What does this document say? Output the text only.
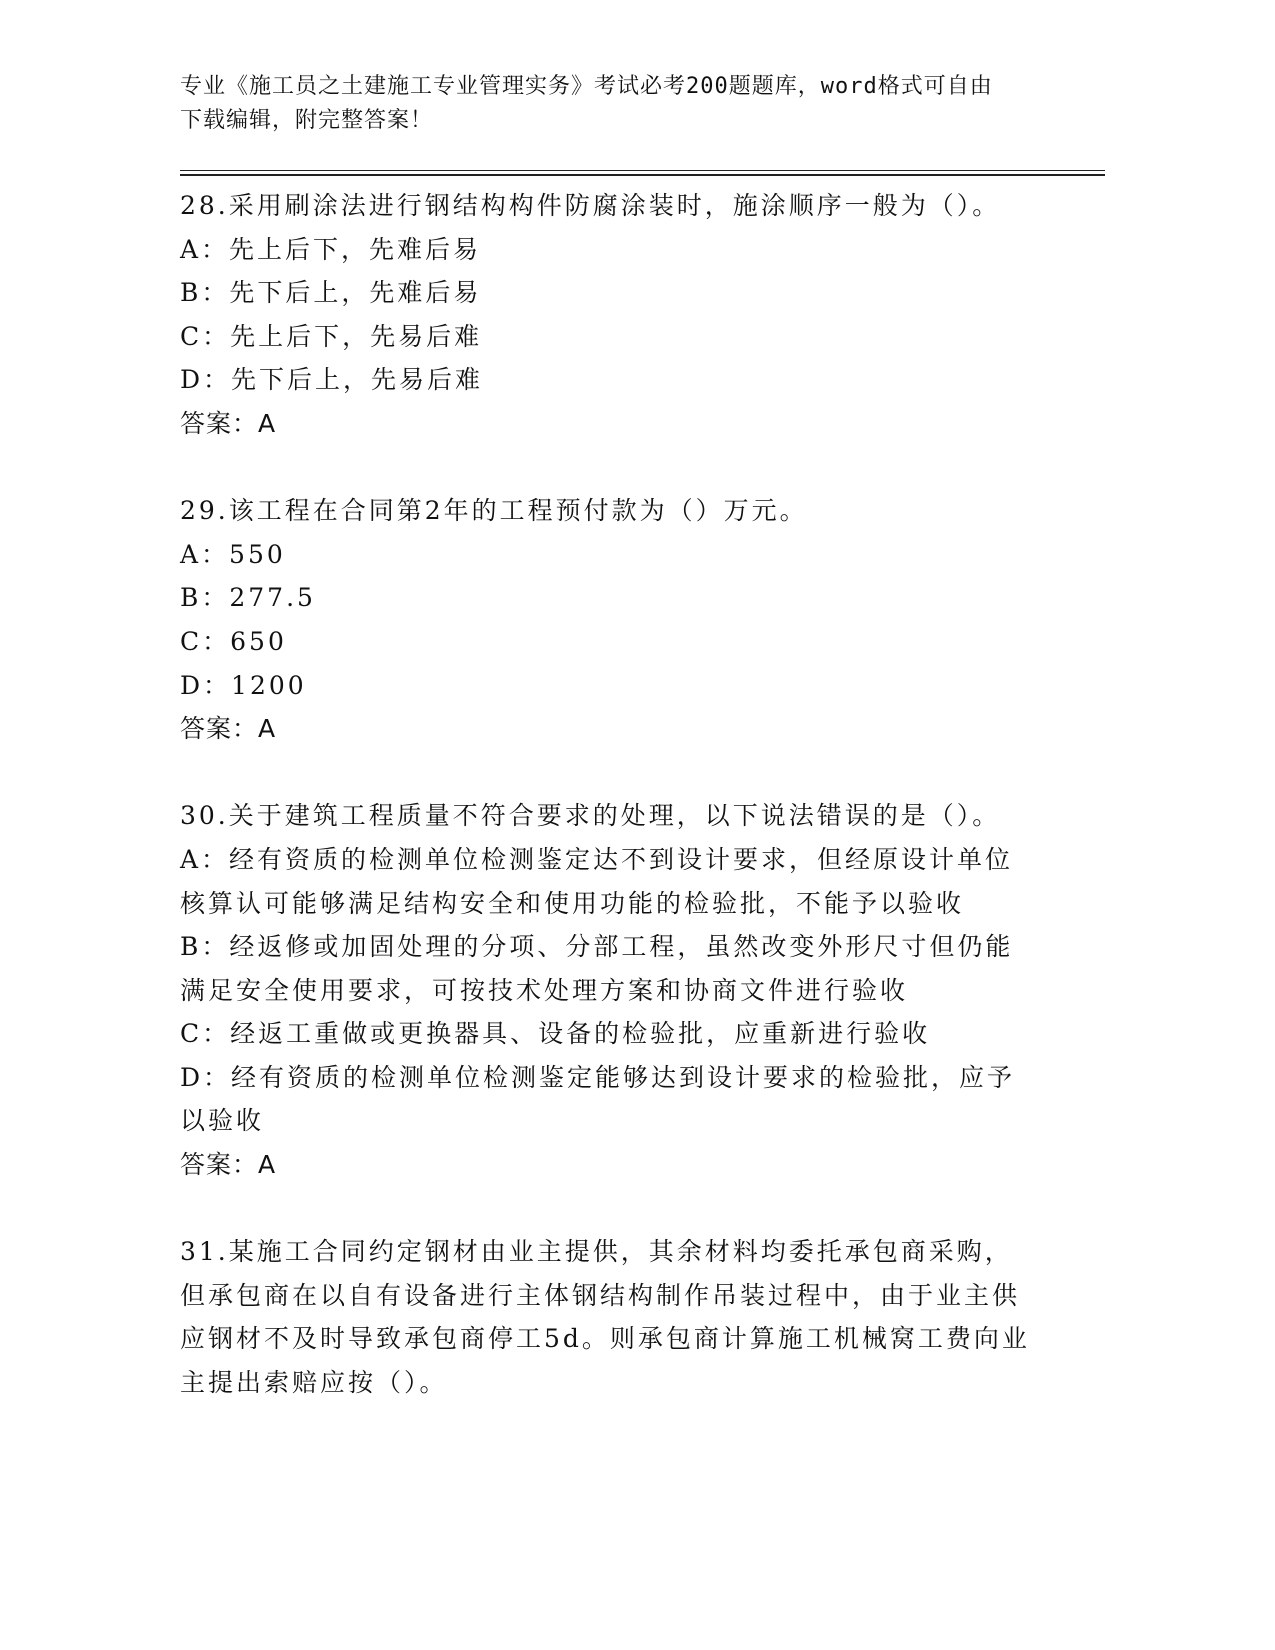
专业《施工员之土建施工专业管理实务》考试必考200题题库，word格式可自由
下载编辑，附完整答案！
28.采用刷涂法进行钢结构构件防腐涂装时，施涂顺序一般为（）。
A：先上后下，先难后易
B：先下后上，先难后易
C：先上后下，先易后难
D：先下后上，先易后难
答案：A
29.该工程在合同第2年的工程预付款为（）万元。
A：550
B：277.5
C：650
D：1200
答案：A
30.关于建筑工程质量不符合要求的处理，以下说法错误的是（）。
A：经有资质的检测单位检测鉴定达不到设计要求，但经原设计单位核算认可能够满足结构安全和使用功能的检验批，不能予以验收
B：经返修或加固处理的分项、分部工程，虽然改变外形尺寸但仍能满足安全使用要求，可按技术处理方案和协商文件进行验收
C：经返工重做或更换器具、设备的检验批，应重新进行验收
D：经有资质的检测单位检测鉴定能够达到设计要求的检验批，应予以验收
答案：A
31.某施工合同约定钢材由业主提供，其余材料均委托承包商采购，但承包商在以自有设备进行主体钢结构制作吊装过程中，由于业主供应钢材不及时导致承包商停工5d。则承包商计算施工机械窝工费向业主提出索赔应按（）。
